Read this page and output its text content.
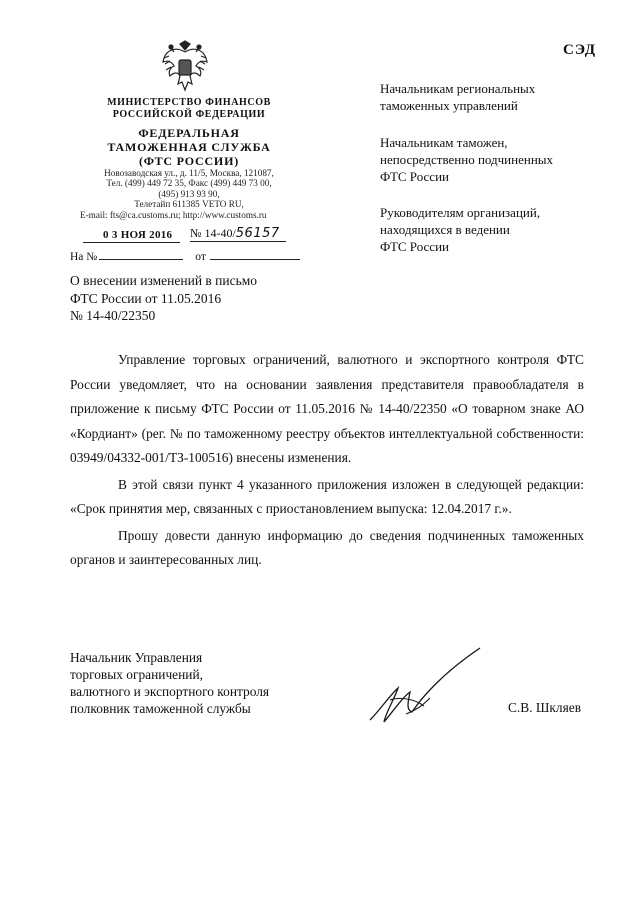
СЭД
МИНИСТЕРСТВО ФИНАНСОВ
РОССИЙСКОЙ ФЕДЕРАЦИИ
ФЕДЕРАЛЬНАЯ
ТАМОЖЕННАЯ СЛУЖБА
(ФТС РОССИИ)
Новозаводская ул., д. 11/5, Москва, 121087,
Тел. (499) 449 72 35, Факс (499) 449 73 00,
(495) 913 93 90,
Телетайп 611385 VETO RU,
E-mail: fts@ca.customs.ru; http://www.customs.ru
0 3 НОЯ 2016 № 14-40/56157
На №	от
Начальникам региональных
таможенных управлений
Начальникам таможен,
непосредственно подчиненных
ФТС России
Руководителям организаций,
находящихся в ведении
ФТС России
О внесении изменений в письмо
ФТС России от 11.05.2016
№ 14-40/22350

Управление торговых ограничений, валютного и экспортного контроля ФТС России уведомляет, что на основании заявления представителя правообладателя в приложение к письму ФТС России от 11.05.2016 № 14-40/22350 «О товарном знаке АО «Кордиант» (рег. № по таможенному реестру объектов интеллектуальной собственности: 03949/04332-001/ТЗ-100516) внесены изменения.

В этой связи пункт 4 указанного приложения изложен в следующей редакции: «Срок принятия мер, связанных с приостановлением выпуска: 12.04.2017 г.».

Прошу довести данную информацию до сведения подчиненных таможенных органов и заинтересованных лиц.

Начальник Управления
торговых ограничений,
валютного и экспортного контроля
полковник таможенной службы	С.В. Шкляев
